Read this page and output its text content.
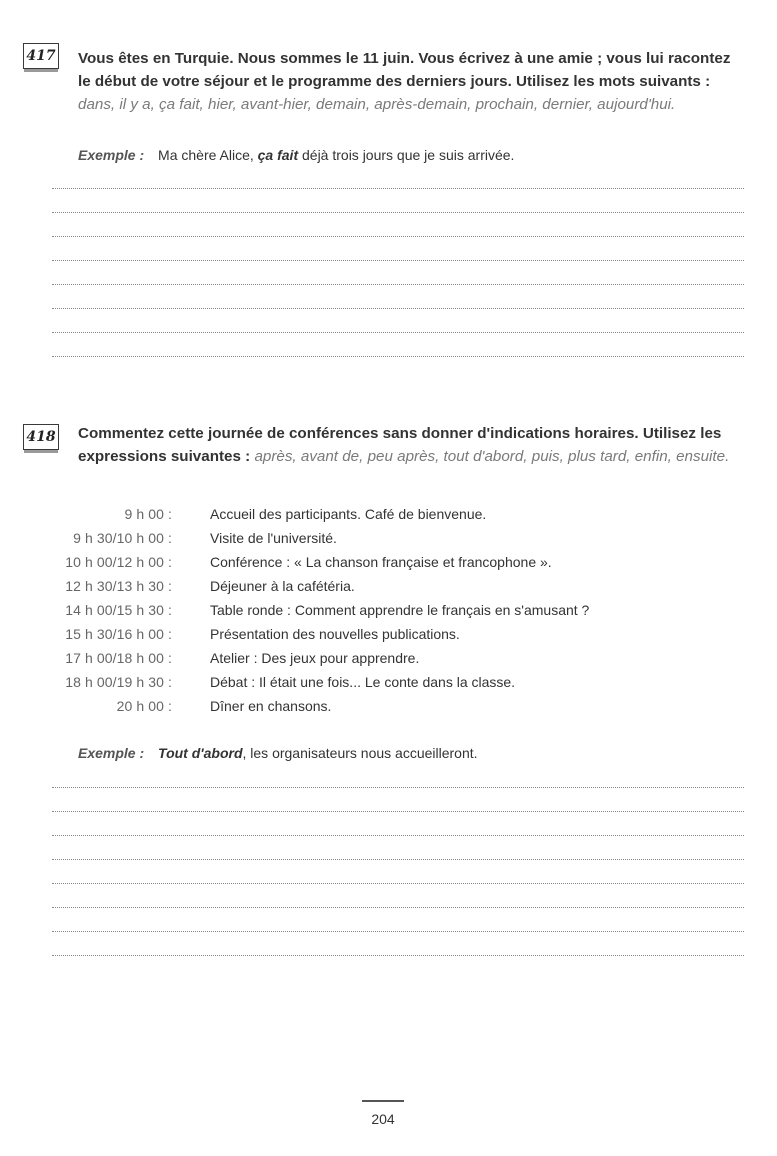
417 Vous êtes en Turquie. Nous sommes le 11 juin. Vous écrivez à une amie ; vous lui racontez le début de votre séjour et le programme des derniers jours. Utilisez les mots suivants : dans, il y a, ça fait, hier, avant-hier, demain, après-demain, prochain, dernier, aujourd'hui.
Exemple : Ma chère Alice, ça fait déjà trois jours que je suis arrivée.
418 Commentez cette journée de conférences sans donner d'indications horaires. Utilisez les expressions suivantes : après, avant de, peu après, tout d'abord, puis, plus tard, enfin, ensuite.
9 h 00 :	Accueil des participants. Café de bienvenue.
9 h 30/10 h 00 :	Visite de l'université.
10 h 00/12 h 00 :	Conférence : « La chanson française et francophone ».
12 h 30/13 h 30 :	Déjeuner à la cafétéria.
14 h 00/15 h 30 :	Table ronde : Comment apprendre le français en s'amusant ?
15 h 30/16 h 00 :	Présentation des nouvelles publications.
17 h 00/18 h 00 :	Atelier : Des jeux pour apprendre.
18 h 00/19 h 30 :	Débat : Il était une fois... Le conte dans la classe.
20 h 00 :	Dîner en chansons.
Exemple : Tout d'abord, les organisateurs nous accueilleront.
204
